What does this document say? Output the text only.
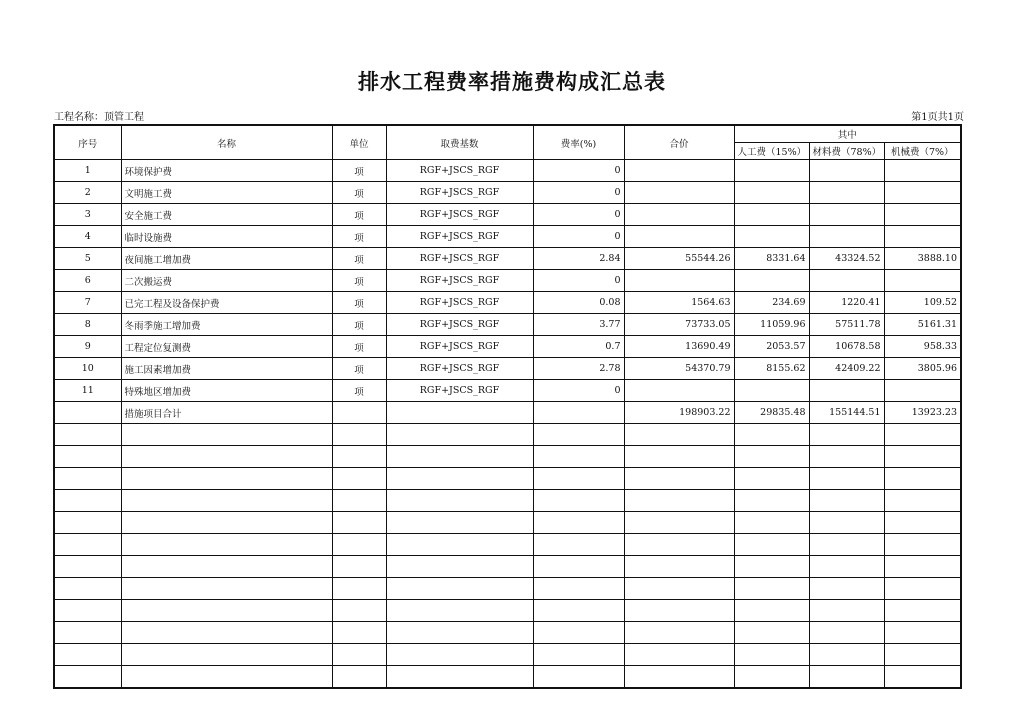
排水工程费率措施费构成汇总表
工程名称：顶管工程	第1页共1页
序号	名称	单位	取费基数	费率(%)	合价	其中		
						人工费（15%）	材料费（78%）	机械费（7%）
1	环境保护费	项	RGF+JSCS_RGF	0				
2	文明施工费	项	RGF+JSCS_RGF	0				
3	安全施工费	项	RGF+JSCS_RGF	0				
4	临时设施费	项	RGF+JSCS_RGF	0				
5	夜间施工增加费	项	RGF+JSCS_RGF	2.84	55544.26	8331.64	43324.52	3888.10
6	二次搬运费	项	RGF+JSCS_RGF	0				
7	已完工程及设备保护费	项	RGF+JSCS_RGF	0.08	1564.63	234.69	1220.41	109.52
8	冬雨季施工增加费	项	RGF+JSCS_RGF	3.77	73733.05	11059.96	57511.78	5161.31
9	工程定位复测费	项	RGF+JSCS_RGF	0.7	13690.49	2053.57	10678.58	958.33
10	施工因素增加费	项	RGF+JSCS_RGF	2.78	54370.79	8155.62	42409.22	3805.96
11	特殊地区增加费	项	RGF+JSCS_RGF	0				
	措施项目合计				198903.22	29835.48	155144.51	13923.23
